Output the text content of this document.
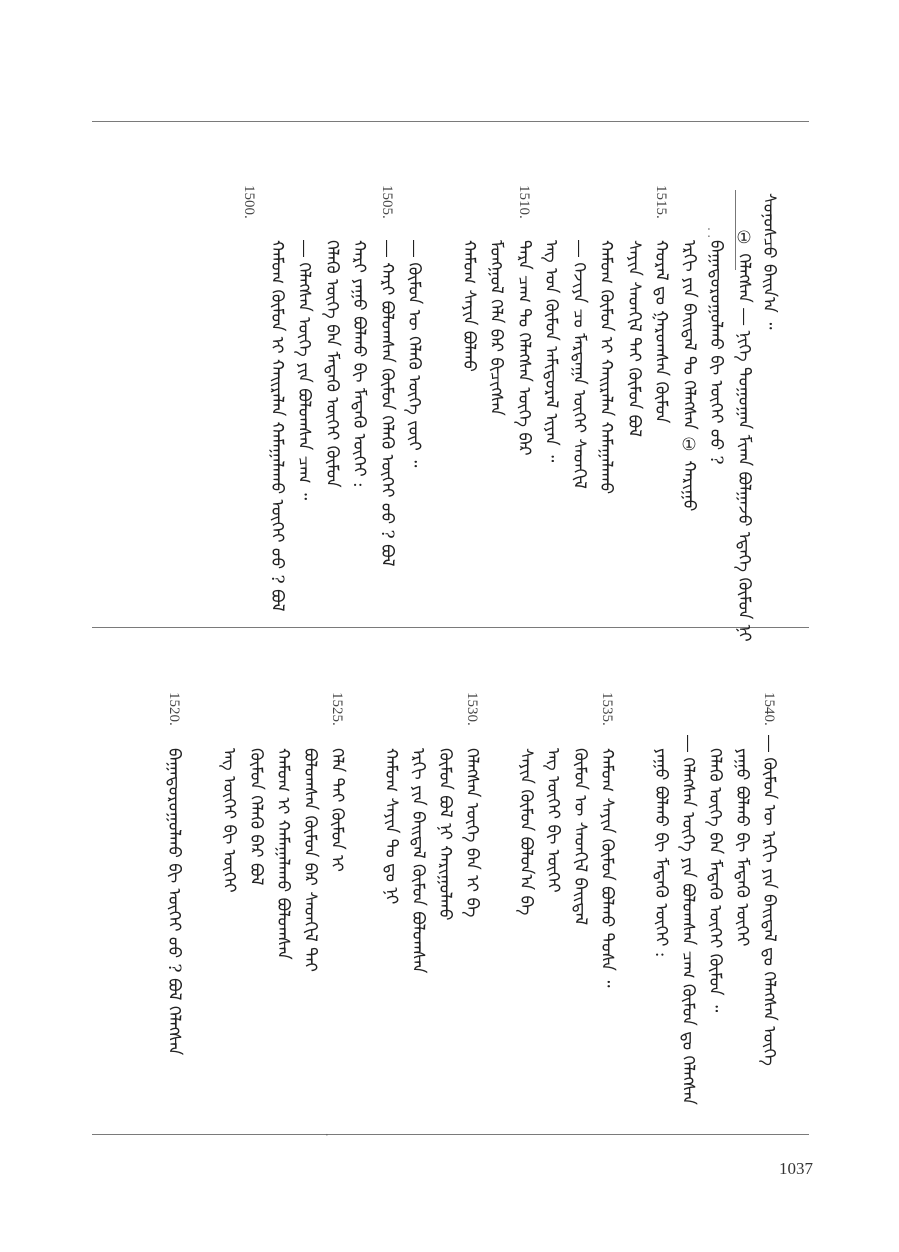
⁚
·
ᠰᠣᠨᠣᠰᠴᠤ ᠪᠠᠢᠨ᠎ᠠ ᠃
① ᠬᠡᠯᠡᠭᠰᠡᠨ ― ᠨᠢᠭᠡ ᠲᠣᠭᠣᠭᠠᠨ ᠮᠢᠬᠠ ᠪᠣᠯᠭᠠᠵᠤ ᠡᠳᠡᠭᠡ ᠬᠦᠮᠦᠨ ᠨᠢ
ᠪᠠᠭᠠᠳᠤᠷᠤᠭᠤᠯᠬᠤ ᠪᠢ ᠦᠭᠡᠢ ᠤᠤ ?
ᠡᠷᠬᠢ ᠶᠢᠨ ᠪᠠᠢᠳᠠᠯ ᠲᠤ ᠬᠡᠯᠡᠭᠰᠡᠨ ① ᠬᠠᠷᠢᠭᠤ
ᠬᠤᠷᠠᠯ ᠳᠤ ᠭᠠᠷᠤᠭᠰᠠᠨ ᠬᠦᠮᠦᠨ
ᠰᠠᠶᠢᠨ ᠰᠡᠳᠬᠢᠯ ᠲᠡᠢ ᠬᠦᠮᠦᠨ ᠪᠣᠯ
ᠬᠠᠮᠤᠭ ᠬᠦᠮᠦᠨ ᠢ ᠬᠠᠢᠷᠠᠯᠠᠨ ᠬᠠᠮᠠᠭᠠᠯᠠᠬᠤ
― ᠬᠡᠵᠢᠶᠡ ᠴᠤ ᠮᠠᠷᠲᠠᠭᠠ ᠦᠭᠡᠢ ᠰᠡᠳᠬᠢᠯ
ᠡᠩ ᠤᠨ ᠬᠦᠮᠦᠨ ᠠᠮᠢᠳᠤᠷᠠᠯ ᠢᠶᠠᠨ ᠃
ᠲᠡᠷᠡ ᠴᠠᠭ ᠲᠤ ᠬᠡᠯᠡᠭᠰᠡᠨ ᠦᠭᠡ ᠪᠡᠷ
ᠮᠣᠩᠭᠣᠯ ᠬᠡᠯᠡ ᠪᠡᠷ ᠪᠢᠴᠢᠭᠰᠡᠨ
ᠬᠠᠮᠤᠭ ᠰᠠᠶᠢᠨ ᠪᠣᠯᠬᠤ
― ᠬᠦᠮᠦᠨ ᠦ ᠬᠡᠯᠡᠬᠦ ᠦᠭᠡ ᠵᠦᠢ ᠃
― ᠬᠠᠷᠢ ᠪᠣᠯᠤᠭᠰᠠᠨ ᠬᠦᠮᠦᠨ ᠬᠡᠯᠡᠬᠦ ᠦᠭᠡᠢ ᠤᠤ ? ᠪᠣᠯ
ᠬᠠᠷᠢ ᠶᠠᠭᠤ ᠪᠣᠯᠬᠤ ᠪᠢ ᠮᠡᠳᠡᠬᠦ ᠦᠭᠡᠢ :
ᠬᠡᠯᠡᠬᠦ ᠦᠭᠡ ᠪᠠᠨ ᠮᠡᠳᠡᠬᠦ ᠦᠭᠡᠢ ᠬᠦᠮᠦᠨ
― ᠬᠡᠯᠡᠭᠰᠡᠨ ᠦᠭᠡ ᠶᠢᠨ ᠪᠣᠯᠤᠭᠰᠠᠨ ᠴᠠᠭ ᠃
ᠬᠠᠮᠤᠭ ᠬᠦᠮᠦᠨ ᠢ ᠬᠠᠢᠷᠠᠯᠠᠨ ᠬᠠᠮᠠᠭᠠᠯᠠᠬᠤ ᠦᠭᠡᠢ ᠤᠤ ? ᠪᠣᠯ
1515.
1510.
1505.
1500.
― ᠬᠦᠮᠦᠨ ᠦ ᠡᠷᠬᠢ ᠶᠢᠨ ᠪᠠᠢᠳᠠᠯ ᠳᠤ ᠬᠡᠯᠡᠭᠰᠡᠨ ᠦᠭᠡ
ᠶᠠᠭᠤ ᠪᠣᠯᠬᠤ ᠪᠢ ᠮᠡᠳᠡᠬᠦ ᠦᠭᠡᠢ
ᠬᠡᠯᠡᠬᠦ ᠦᠭᠡ ᠪᠠᠨ ᠮᠡᠳᠡᠬᠦ ᠦᠭᠡᠢ ᠬᠦᠮᠦᠨ ᠃
― ᠬᠡᠯᠡᠭᠰᠡᠨ ᠦᠭᠡ ᠶᠢᠨ ᠪᠣᠯᠤᠭᠰᠠᠨ ᠴᠠᠭ ᠬᠦᠮᠦᠨ ᠳᠤ ᠬᠡᠯᠡᠭᠰᠡᠨ
ᠶᠠᠭᠤ ᠪᠣᠯᠬᠤ ᠪᠢ ᠮᠡᠳᠡᠬᠦ ᠦᠭᠡᠢ :
ᠬᠠᠮᠤᠭ ᠰᠠᠶᠢᠨ ᠬᠦᠮᠦᠨ ᠪᠣᠯᠬᠤ ᠲᠤᠰᠠ ᠃
ᠬᠦᠮᠦᠨ ᠦ ᠰᠡᠳᠬᠢᠯ ᠪᠠᠢᠳᠠᠯ
ᠡᠩ ᠦᠭᠡᠢ ᠪᠢ ᠦᠭᠡᠢ
ᠰᠠᠶᠢᠨ ᠬᠦᠮᠦᠨ ᠪᠣᠯᠤᠨ᠎ᠠ ᠪᠠ
ᠬᠡᠯᠡᠭᠰᠡᠨ ᠦᠭᠡ ᠪᠠᠨ ᠢ ᠪᠠ
ᠬᠦᠮᠦᠨ ᠪᠣᠯ ᠨᠢ ᠬᠠᠷᠢᠭᠤᠯᠬᠤ
ᠡᠷᠬᠢ ᠶᠢᠨ ᠪᠠᠢᠳᠠᠯ ᠬᠦᠮᠦᠨ ᠪᠣᠯᠤᠭᠰᠠᠨ
ᠬᠠᠮᠤᠭ ᠰᠠᠶᠢᠨ ᠲᠤ ᠳᠤ ᠨᠢ
ᠬᠡᠯᠡ ᠲᠡᠢ ᠬᠦᠮᠦᠨ ᠢ
ᠪᠣᠯᠤᠭᠰᠠᠨ ᠬᠦᠮᠦᠨ ᠪᠡᠷ ᠰᠡᠳᠬᠢᠯ ᠲᠡᠢ
ᠬᠠᠮᠤᠭ ᠢ ᠬᠠᠮᠠᠭᠠᠯᠠᠬᠤ ᠪᠣᠯᠤᠭᠰᠠᠨ
ᠬᠦᠮᠦᠨ ᠬᠡᠯᠡᠬᠦ ᠪᠡᠷ ᠪᠣᠯ
ᠡᠩ ᠦᠭᠡᠢ ᠪᠢ ᠦᠭᠡᠢ
ᠪᠠᠭᠠᠳᠤᠷᠤᠭᠤᠯᠬᠤ ᠪᠢ ᠦᠭᠡᠢ ᠤᠤ ? ᠪᠣᠯ ᠬᠡᠯᠡᠭᠰᠡᠨ
1540.
1535.
1530.
1525.
1520.
1037
